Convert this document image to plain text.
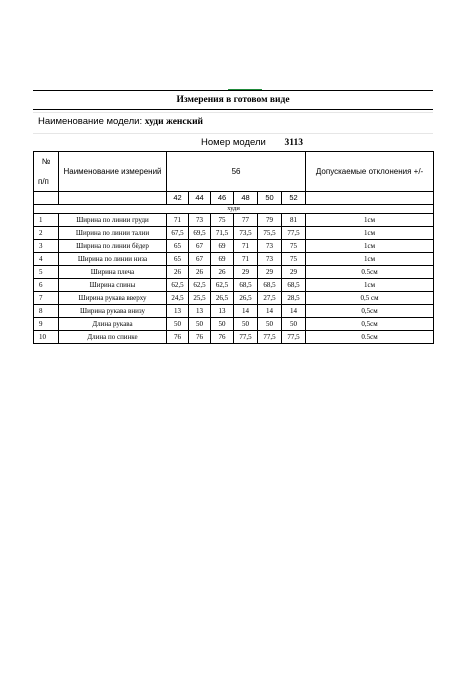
Измерения в готовом виде
Наименование модели: худи женский
Номер модели 3113
№
п/п	Наименование измерений	56						Допускаемые отклонения +/-
		42	44	46	48	50	52	
худи								
1	Ширина по линии груди	71	73	75	77	79	81	1см
2	Ширина по линии талии	67,5	69,5	71,5	73,5	75,5	77,5	1см
3	Ширина по линии бёдер	65	67	69	71	73	75	1см
4	Ширина по линии низа	65	67	69	71	73	75	1см
5	Ширина плеча	26	26	26	29	29	29	0.5см
6	Ширина спины	62,5	62,5	62,5	68,5	68,5	68,5	1см
7	Ширина рукава вверху	24,5	25,5	26,5	26,5	27,5	28,5	0,5 см
8	Ширина рукава внизу	13	13	13	14	14	14	0,5см
9	Длина рукава	50	50	50	50	50	50	0,5см
10	Длина по спинке	76	76	76	77,5	77,5	77,5	0.5см
